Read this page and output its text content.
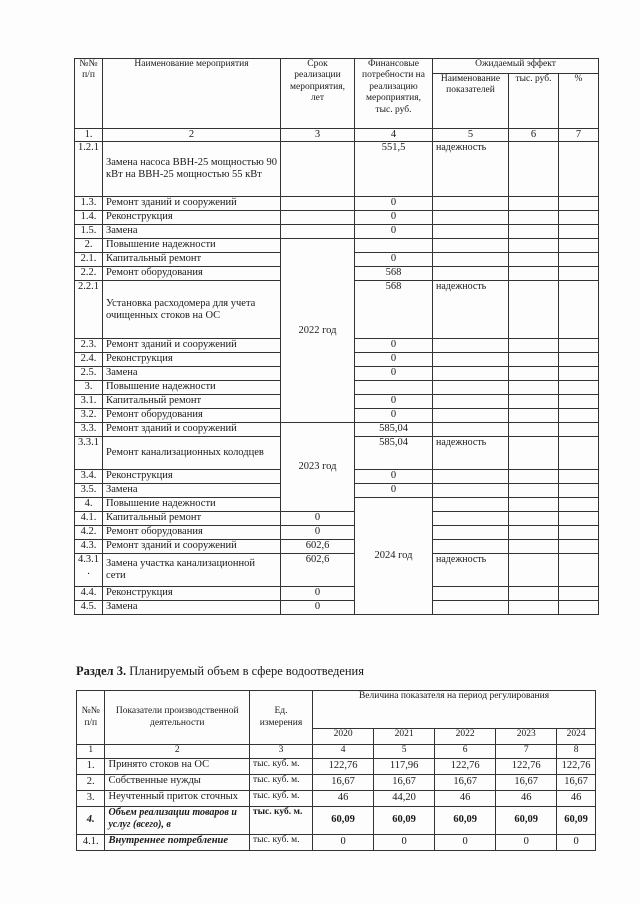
№№ п/п	Наименование мероприятия	Срок реализации мероприятия, лет	Финансовые потребности на реализацию мероприятия, тыс. руб.	Ожидаемый эффект			
				Наименование показателей	тыс. руб.	%	
1.	2	3	4	5	6	7	
1.2.1	Замена насоса ВВН-25 мощностью 90 кВт на ВВН-25 мощностью 55 кВт		551,5	надежность			
1.3.	Ремонт зданий и сооружений		0				
1.4.	Реконструкция		0				
1.5.	Замена		0				
2.	Повышение надежности	2022 год					
2.1.	Капитальный ремонт		0				
2.2.	Ремонт оборудования		568				
2.2.1	Установка расходомера для учета очищенных стоков на ОС		568	надежность			
2.3.	Ремонт зданий и сооружений		0				
2.4.	Реконструкция		0				
2.5.	Замена		0				
3.	Повышение надежности						
3.1.	Капитальный ремонт		0				
3.2.	Ремонт оборудования		0				
3.3.	Ремонт зданий и сооружений	2023 год	585,04				
3.3.1	Ремонт канализационных колодцев		585,04	надежность			
3.4.	Реконструкция		0				
3.5.	Замена		0				
4.	Повышение надежности		2024 год				
4.1.	Капитальный ремонт	0					
4.2.	Ремонт оборудования	0					
4.3.	Ремонт зданий и сооружений	602,6					
4.3.1 .	Замена участка канализационной сети	602,6		надежность			
4.4.	Реконструкция	0					
4.5.	Замена	0					
Раздел 3. Планируемый объем в сфере водоотведения
№№ п/п	Показатели производственной деятельности	Ед. измерения	Величина показателя на период регулирования				
			2020	2021	2022	2023	2024
1	2	3	4	5	6	7	8
1.	Принято стоков на ОС	тыс. куб. м.	122,76	117,96	122,76	122,76	122,76
2.	Собственные нужды	тыс. куб. м.	16,67	16,67	16,67	16,67	16,67
3.	Неучтенный приток сточных	тыс. куб. м.	46	44,20	46	46	46
4.	Объем реализации товаров и услуг (всего), в	тыс. куб. м.	60,09	60,09	60,09	60,09	60,09
4.1.	Внутреннее потребление	тыс. куб. м.	0	0	0	0	0
